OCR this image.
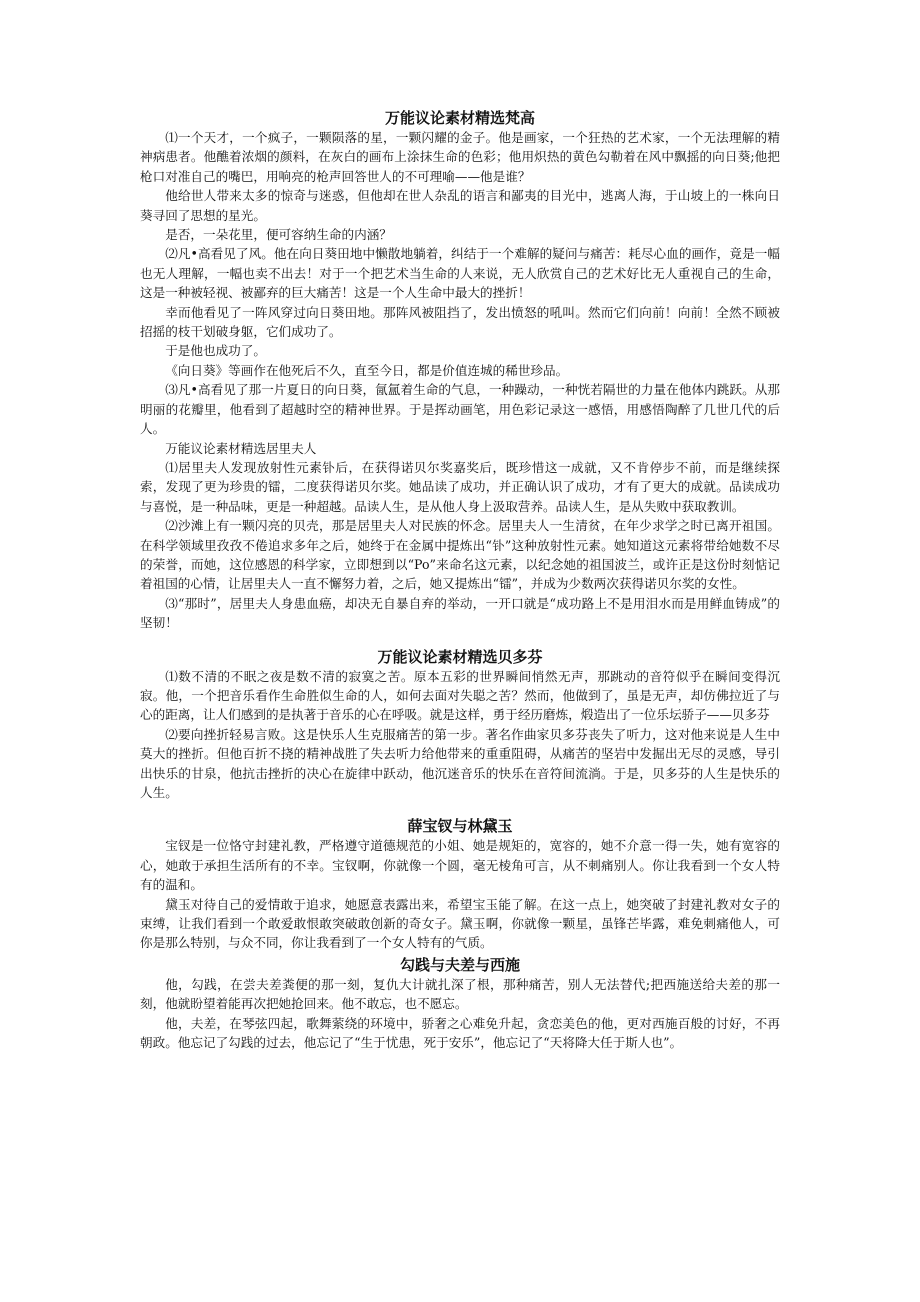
万能议论素材精选梵高

⑴一个天才，一个疯子，一颗陨落的星，一颗闪耀的金子。他是画家，一个狂热的艺术家，一个无法理解的精神病患者。他醮着浓烟的颜料，在灰白的画布上涂抹生命的色彩；他用炽热的黄色勾勒着在风中飘摇的向日葵;他把枪口对准自己的嘴巴，用响亮的枪声回答世人的不可理喻——他是谁？

他给世人带来太多的惊奇与迷惑，但他却在世人杂乱的语言和鄙夷的目光中，逃离人海，于山坡上的一株向日葵寻回了思想的星光。

是否，一朵花里，便可容纳生命的内涵？

⑵凡•高看见了风。他在向日葵田地中懒散地躺着，纠结于一个难解的疑问与痛苦：耗尽心血的画作，竟是一幅也无人理解，一幅也卖不出去！对于一个把艺术当生命的人来说，无人欣赏自己的艺术好比无人重视自己的生命，这是一种被轻视、被鄙弃的巨大痛苦！这是一个人生命中最大的挫折！

幸而他看见了一阵风穿过向日葵田地。那阵风被阻挡了，发出愤怒的吼叫。然而它们向前！向前！全然不顾被招摇的枝干划破身躯，它们成功了。

于是他也成功了。

《向日葵》等画作在他死后不久，直至今日，都是价值连城的稀世珍品。

⑶凡•高看见了那一片夏日的向日葵，氤氲着生命的气息，一种躁动，一种恍若隔世的力量在他体内跳跃。从那明丽的花瓣里，他看到了超越时空的精神世界。于是挥动画笔，用色彩记录这一感悟，用感悟陶醉了几世几代的后人。

万能议论素材精选居里夫人

⑴居里夫人发现放射性元素钋后，在获得诺贝尔奖嘉奖后，既珍惜这一成就，又不肯停步不前，而是继续探索，发现了更为珍贵的镭，二度获得诺贝尔奖。她品读了成功，并正确认识了成功，才有了更大的成就。品读成功与喜悦，是一种品味，更是一种超越。品读人生，是从他人身上汲取营养。品读人生，是从失败中获取教训。

⑵沙滩上有一颗闪亮的贝壳，那是居里夫人对民族的怀念。居里夫人一生清贫，在年少求学之时已离开祖国。在科学领域里孜孜不倦追求多年之后，她终于在金属中提炼出“钋”这种放射性元素。她知道这元素将带给她数不尽的荣誉，而她，这位感恩的科学家，立即想到以“Po”来命名这元素，以纪念她的祖国波兰，或许正是这份时刻惦记着祖国的心情，让居里夫人一直不懈努力着，之后，她又提炼出“镭”，并成为少数两次获得诺贝尔奖的女性。

⑶“那时”，居里夫人身患血癌，却决无自暴自弃的举动，一开口就是“成功路上不是用泪水而是用鲜血铸成”的坚韧！

万能议论素材精选贝多芬

⑴数不清的不眠之夜是数不清的寂寞之苦。原本五彩的世界瞬间悄然无声，那跳动的音符似乎在瞬间变得沉寂。他，一个把音乐看作生命胜似生命的人，如何去面对失聪之苦？然而，他做到了，虽是无声，却仿佛拉近了与心的距离，让人们感到的是执著于音乐的心在呼吸。就是这样，勇于经历磨炼，煅造出了一位乐坛骄子——贝多芬

⑵要向挫折轻易言败。这是快乐人生克服痛苦的第一步。著名作曲家贝多芬丧失了听力，这对他来说是人生中莫大的挫折。但他百折不挠的精神战胜了失去听力给他带来的重重阻碍，从痛苦的坚岩中发掘出无尽的灵感，导引出快乐的甘泉，他抗击挫折的决心在旋律中跃动，他沉迷音乐的快乐在音符间流淌。于是，贝多芬的人生是快乐的人生。

薛宝钗与林黛玉

宝钗是一位恪守封建礼教，严格遵守道德规范的小姐、她是规矩的，宽容的，她不介意一得一失，她有宽容的心，她敢于承担生活所有的不幸。宝钗啊，你就像一个圆，毫无棱角可言，从不刺痛别人。你让我看到一个女人特有的温和。

黛玉对待自己的爱情敢于追求，她愿意表露出来，希望宝玉能了解。在这一点上，她突破了封建礼教对女子的束缚，让我们看到一个敢爱敢恨敢突破敢创新的奇女子。黛玉啊，你就像一颗星，虽锋芒毕露，难免刺痛他人，可你是那么特别，与众不同，你让我看到了一个女人特有的气质。

勾践与夫差与西施

他，勾践，在尝夫差粪便的那一刻，复仇大计就扎深了根，那种痛苦，别人无法替代;把西施送给夫差的那一刻，他就盼望着能再次把她抢回来。他不敢忘，也不愿忘。

他，夫差，在琴弦四起，歌舞萦绕的环境中，骄奢之心难免升起，贪恋美色的他，更对西施百般的讨好，不再朝政。他忘记了勾践的过去，他忘记了“生于忧患，死于安乐”，他忘记了“天将降大任于斯人也”。
